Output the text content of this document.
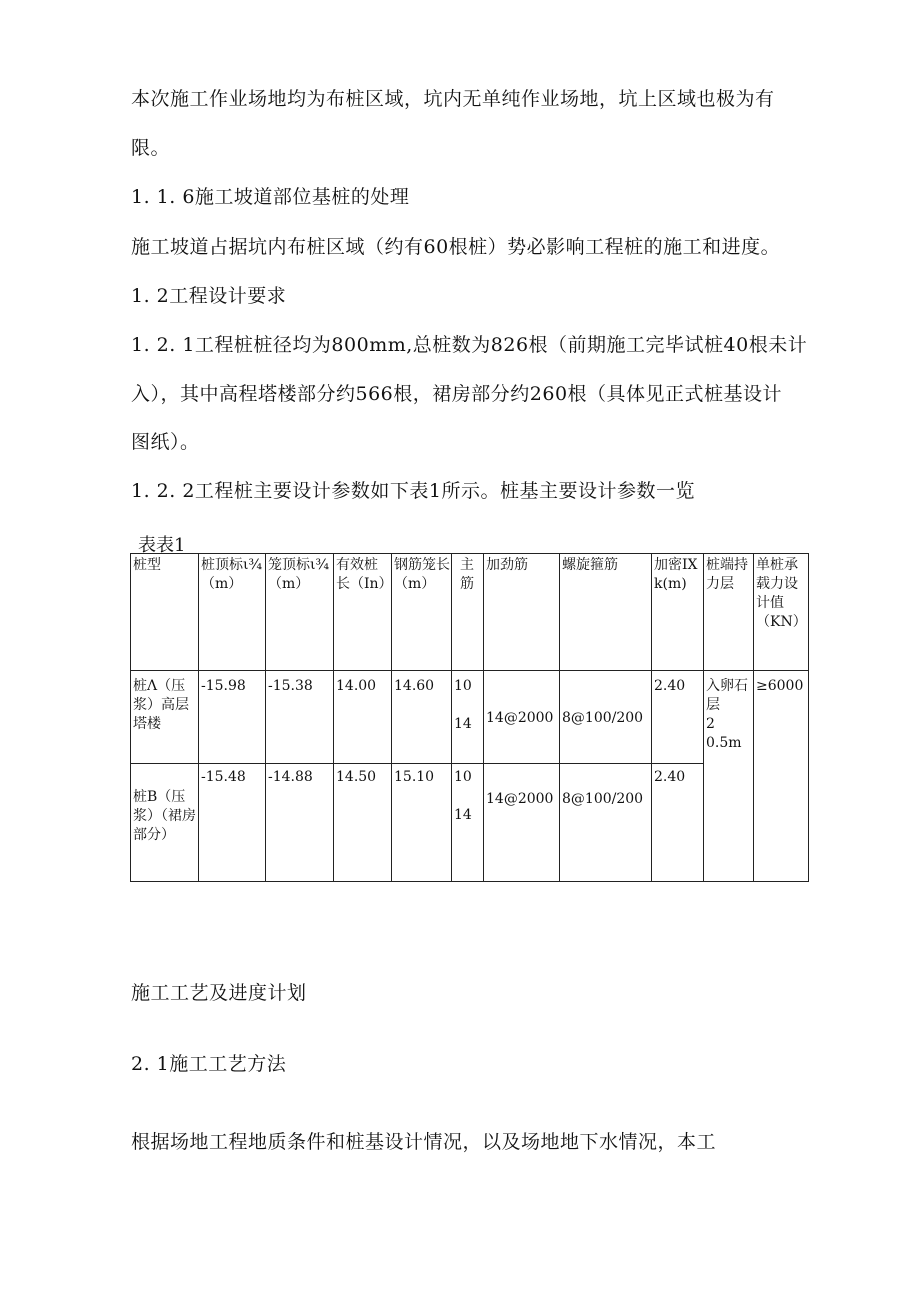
本次施工作业场地均为布桩区域，坑内无单纯作业场地，坑上区域也极为有
限。
1. 1. 6施工坡道部位基桩的处理
施工坡道占据坑内布桩区域（约有60根桩）势必影响工程桩的施工和进度。
1. 2工程设计要求
1. 2. 1工程桩桩径均为800mm,总桩数为826根（前期施工完毕试桩40根未计
入），其中高程塔楼部分约566根，裙房部分约260根（具体见正式桩基设计
图纸）。
1. 2. 2工程桩主要设计参数如下表1所示。桩基主要设计参数一览
表表1
桩型	桩顶标ι¾（m）	笼顶标ι¾（m）	有效桩长（In）	钢筋笼长（m）	主筋	加劲筋	螺旋箍筋	加密IXk(m)	桩端持力层	单桩承载力设计值（KN）
桩Λ（压浆）高层塔楼	-15.98	-15.38	14.00	14.60	10
14	14@2000	8@100/200	2.40	入卵石层
2
0.5m	≥6000
桩B（压浆）（裙房部分）	-15.48	-14.88	14.50	15.10	10
14	14@2000	8@100/200	2.40		
施工工艺及进度计划
2. 1施工工艺方法
根据场地工程地质条件和桩基设计情况，以及场地地下水情况，本工
